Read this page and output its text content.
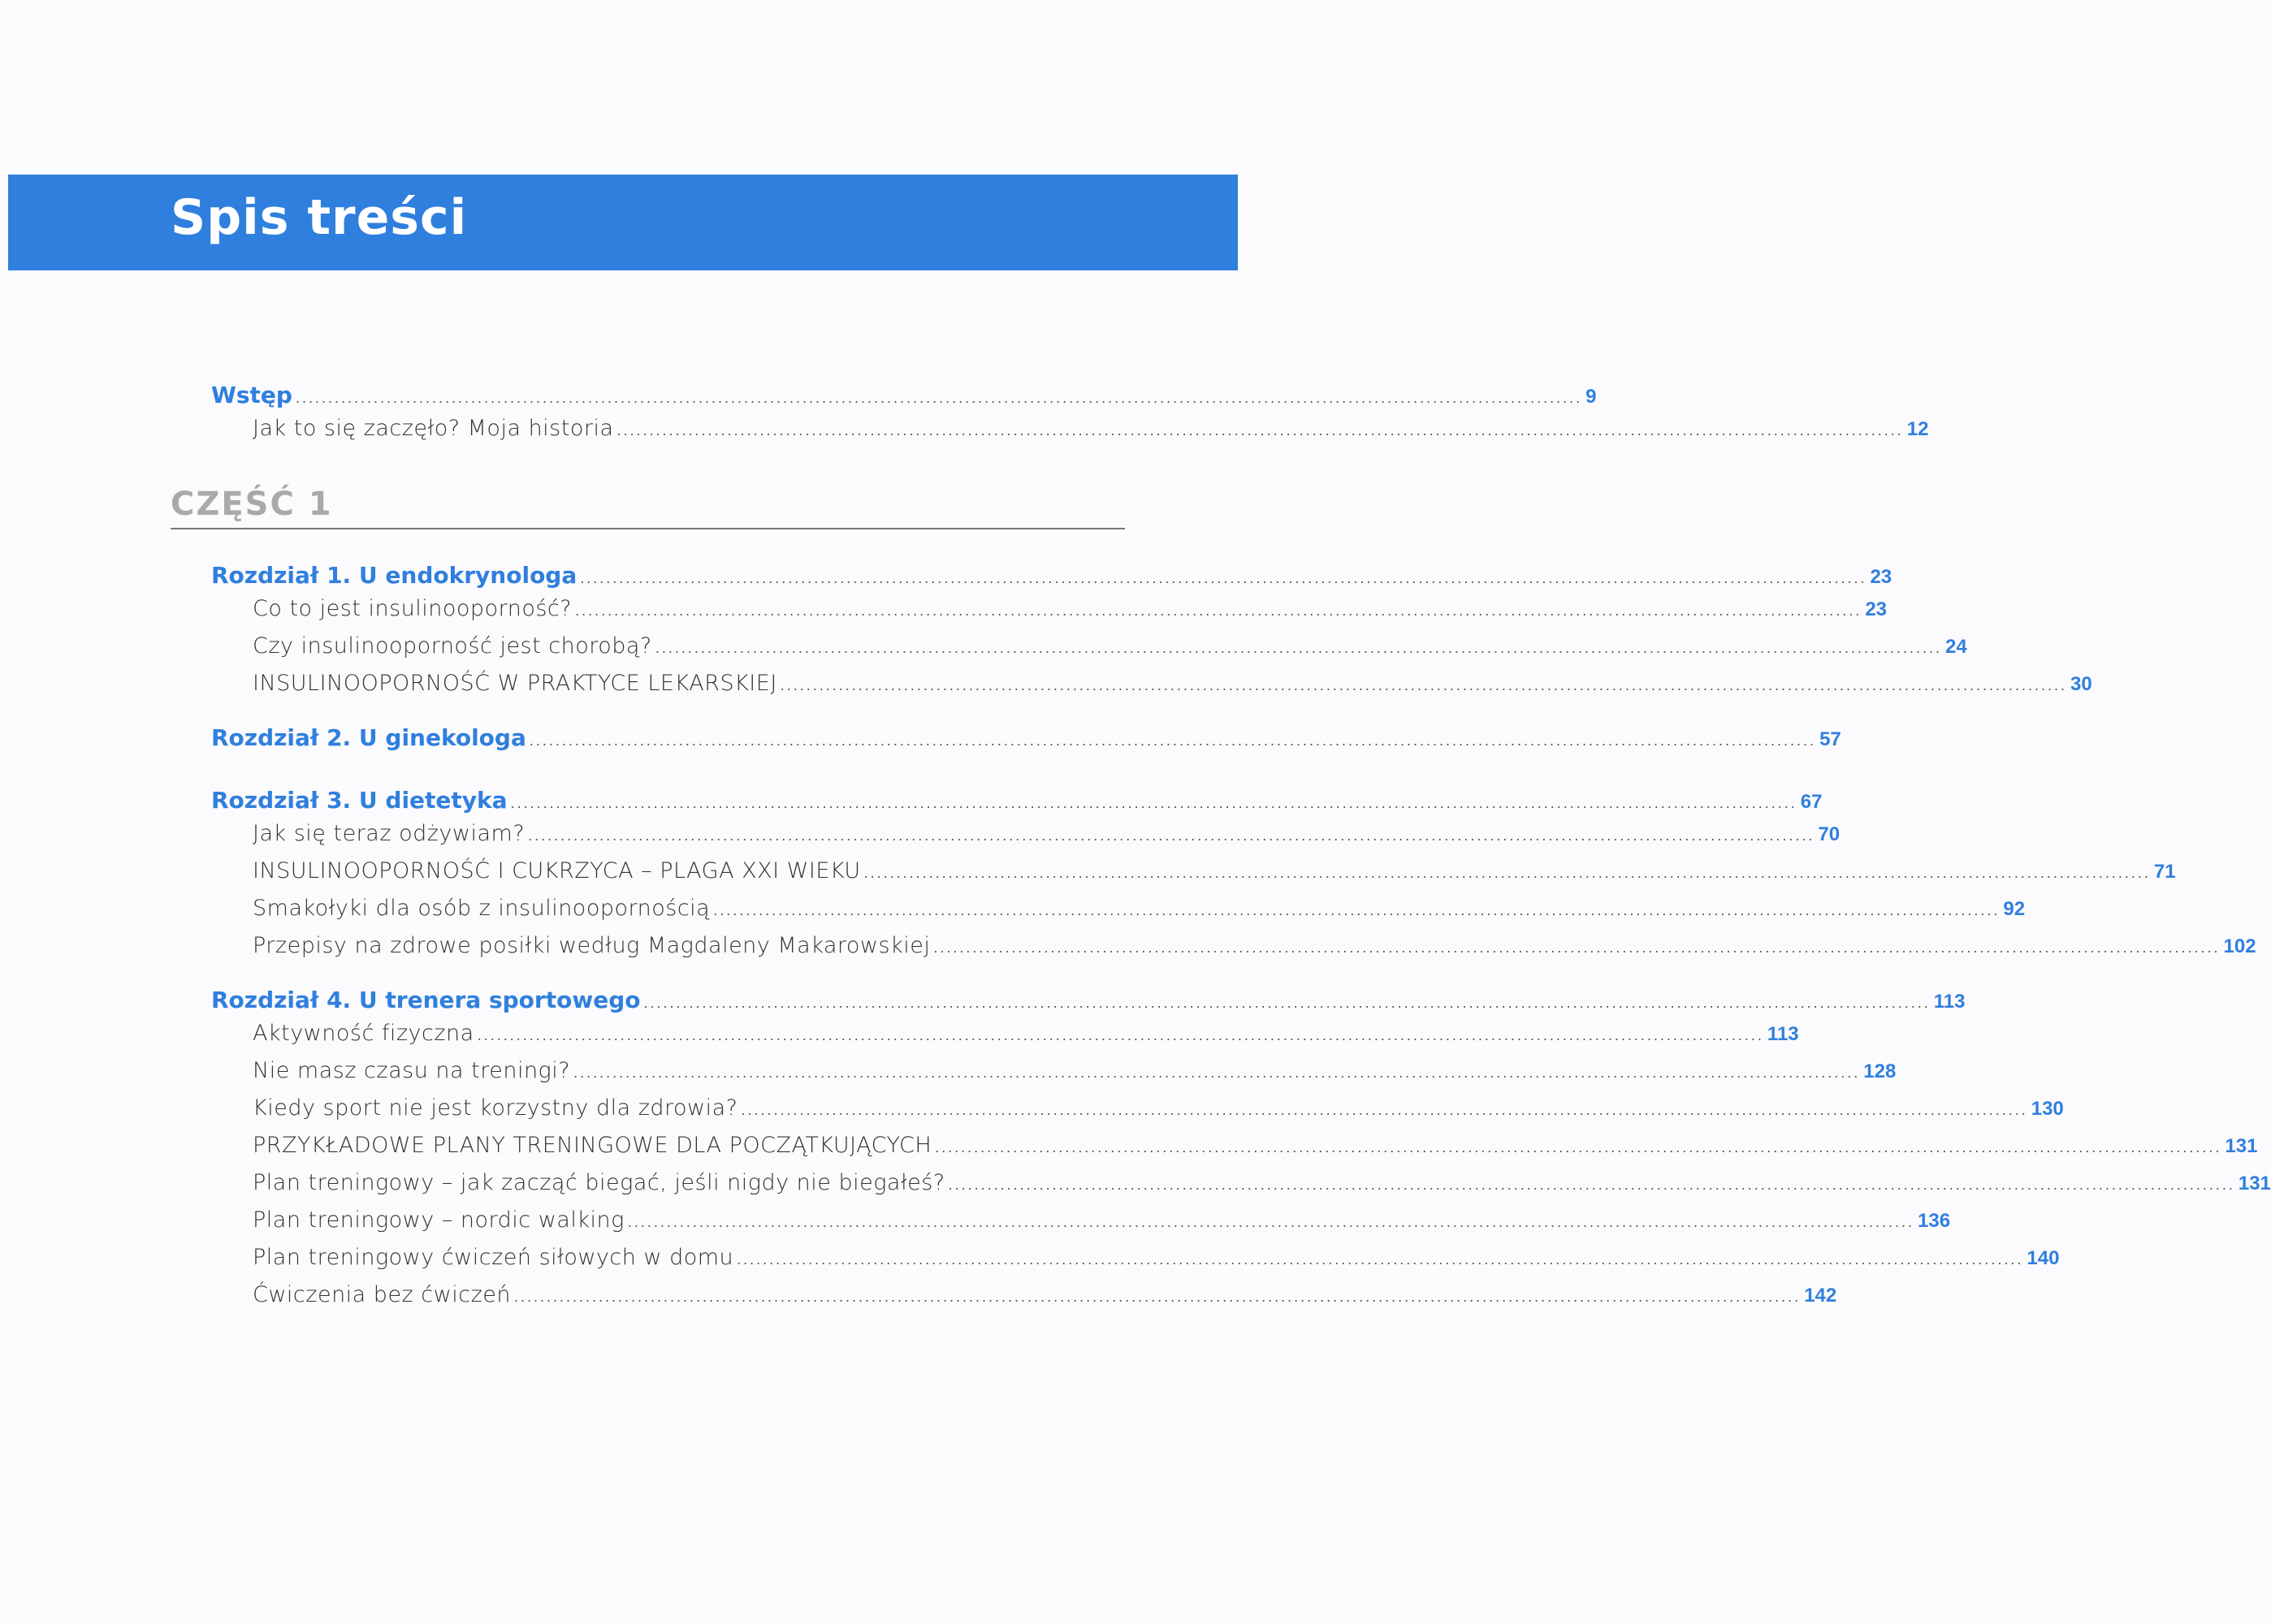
Spis treści
Wstęp ...................................................................................................................................................................................................... 9
Jak to się zaczęło? Moja historia ...................................................................................................................................................................................................... 12
CZĘŚĆ 1
Rozdział 1. U endokrynologa ...................................................................................................................................................................................................... 23
Co to jest insulinooporność? ...................................................................................................................................................................................................... 23
Czy insulinooporność jest chorobą? ...................................................................................................................................................................................................... 24
INSULINOOPORNOŚĆ W PRAKTYCE LEKARSKIEJ ...................................................................................................................................................................................................... 30
Rozdział 2. U ginekologa ...................................................................................................................................................................................................... 57
Rozdział 3. U dietetyka ...................................................................................................................................................................................................... 67
Jak się teraz odżywiam? ...................................................................................................................................................................................................... 70
INSULINOOPORNOŚĆ I CUKRZYCA – PLAGA XXI WIEKU ...................................................................................................................................................................................................... 71
Smakołyki dla osób z insulinoopornością ...................................................................................................................................................................................................... 92
Przepisy na zdrowe posiłki według Magdaleny Makarowskiej ...................................................................................................................................................................................................... 102
Rozdział 4. U trenera sportowego ...................................................................................................................................................................................................... 113
Aktywność fizyczna ...................................................................................................................................................................................................... 113
Nie masz czasu na treningi? ...................................................................................................................................................................................................... 128
Kiedy sport nie jest korzystny dla zdrowia? ...................................................................................................................................................................................................... 130
PRZYKŁADOWE PLANY TRENINGOWE DLA POCZĄTKUJĄCYCH ...................................................................................................................................................................................................... 131
Plan treningowy – jak zacząć biegać, jeśli nigdy nie biegałeś? ...................................................................................................................................................................................................... 131
Plan treningowy – nordic walking ...................................................................................................................................................................................................... 136
Plan treningowy ćwiczeń siłowych w domu ...................................................................................................................................................................................................... 140
Ćwiczenia bez ćwiczeń ...................................................................................................................................................................................................... 142
